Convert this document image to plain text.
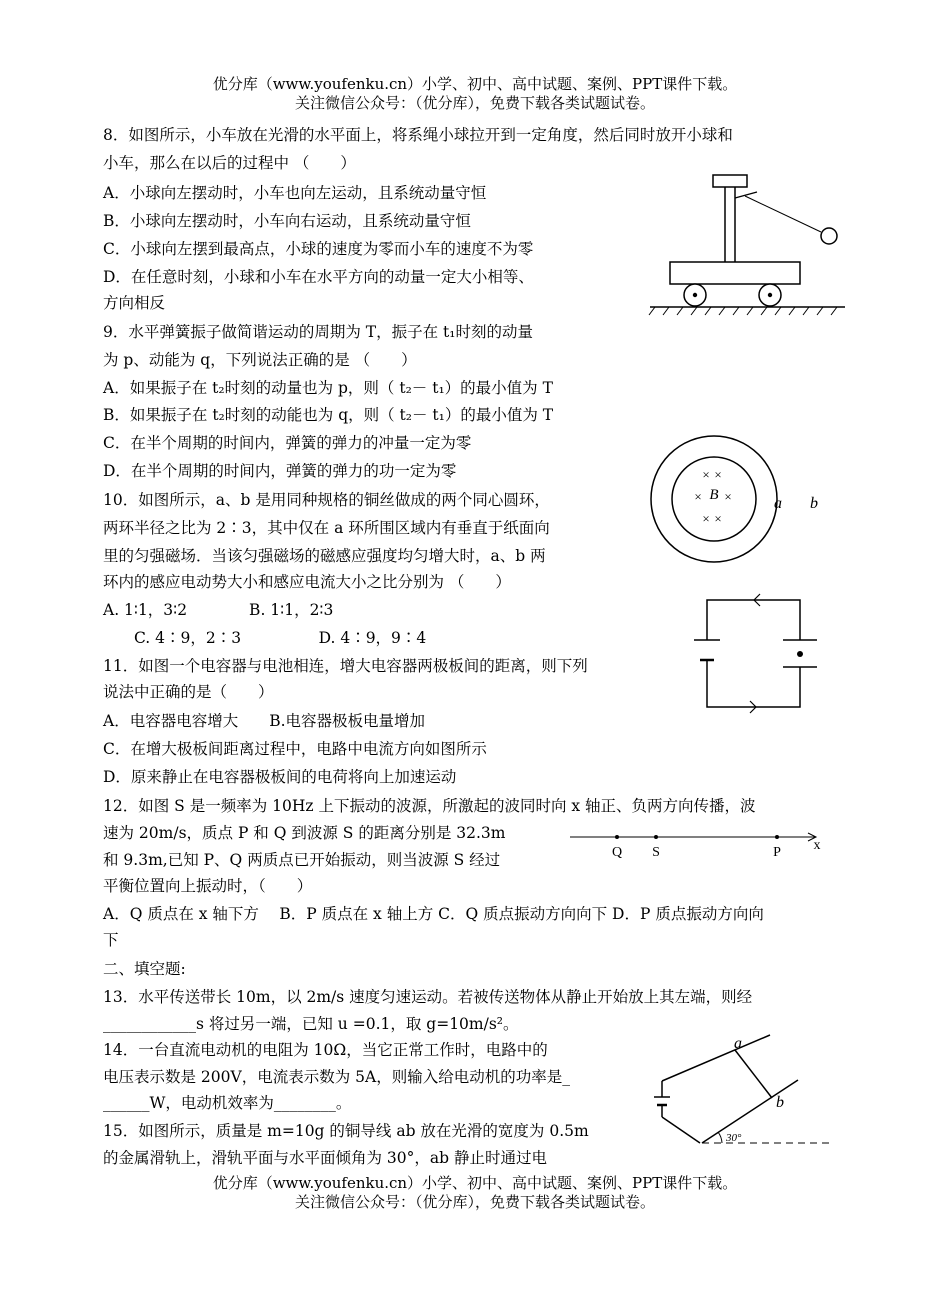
优分库（www.youfenku.cn）小学、初中、高中试题、案例、PPT课件下载。
关注微信公众号：（优分库），免费下载各类试题试卷。
8．如图所示，小车放在光滑的水平面上，将系绳小球拉开到一定角度，然后同时放开小球和
小车，那么在以后的过程中 （　　）
A．小球向左摆动时，小车也向左运动，且系统动量守恒
B．小球向左摆动时，小车向右运动，且系统动量守恒
C．小球向左摆到最高点，小球的速度为零而小车的速度不为零
D．在任意时刻，小球和小车在水平方向的动量一定大小相等、
方向相反
9．水平弹簧振子做简谐运动的周期为 T，振子在 t₁时刻的动量
为 p、动能为 q，下列说法正确的是 （　　）
A．如果振子在 t₂时刻的动量也为 p，则（ t₂－ t₁）的最小值为 T
B．如果振子在 t₂时刻的动能也为 q，则（ t₂－ t₁）的最小值为 T
C．在半个周期的时间内，弹簧的弹力的冲量一定为零
D．在半个周期的时间内，弹簧的弹力的功一定为零
10．如图所示，a、b 是用同种规格的铜丝做成的两个同心圆环，
两环半径之比为 2∶3，其中仅在 a 环所围区域内有垂直于纸面向
里的匀强磁场．当该匀强磁场的磁感应强度均匀增大时，a、b 两
环内的感应电动势大小和感应电流大小之比分别为 （　　）
A. 1∶1，3∶2　　　　B. 1∶1，2∶3
　　C. 4∶9，2∶3　　　　　D. 4∶9，9∶4
11．如图一个电容器与电池相连，增大电容器两极板间的距离，则下列
说法中正确的是（　　）
A．电容器电容增大　　B.电容器极板电量增加
C．在增大极板间距离过程中，电路中电流方向如图所示
D．原来静止在电容器极板间的电荷将向上加速运动
12．如图 S 是一频率为 10Hz 上下振动的波源，所激起的波同时向 x 轴正、负两方向传播，波
速为 20m/s，质点 P 和 Q 到波源 S 的距离分别是 32.3m
和 9.3m,已知 P、Q 两质点已开始振动，则当波源 S 经过
平衡位置向上振动时，（　　）
A．Q 质点在 x 轴下方　 B．P 质点在 x 轴上方 C．Q 质点振动方向向下 D．P 质点振动方向向
下
二、填空题:
13．水平传送带长 10m，以 2m/s 速度匀速运动。若被传送物体从静止开始放上其左端，则经
____________s 将过另一端，已知 u =0.1，取 g=10m/s²。
14．一台直流电动机的电阻为 10Ω，当它正常工作时，电路中的
电压表示数是 200V，电流表示数为 5A，则输入给电动机的功率是_
______W，电动机效率为________。
15．如图所示，质量是 m=10g 的铜导线 ab 放在光滑的宽度为 0.5m
的金属滑轨上，滑轨平面与水平面倾角为 30°，ab 静止时通过电
× ×
× ×
× ×
B	a b
Q S	P x
a
b
30°
优分库（www.youfenku.cn）小学、初中、高中试题、案例、PPT课件下载。
关注微信公众号：（优分库），免费下载各类试题试卷。
